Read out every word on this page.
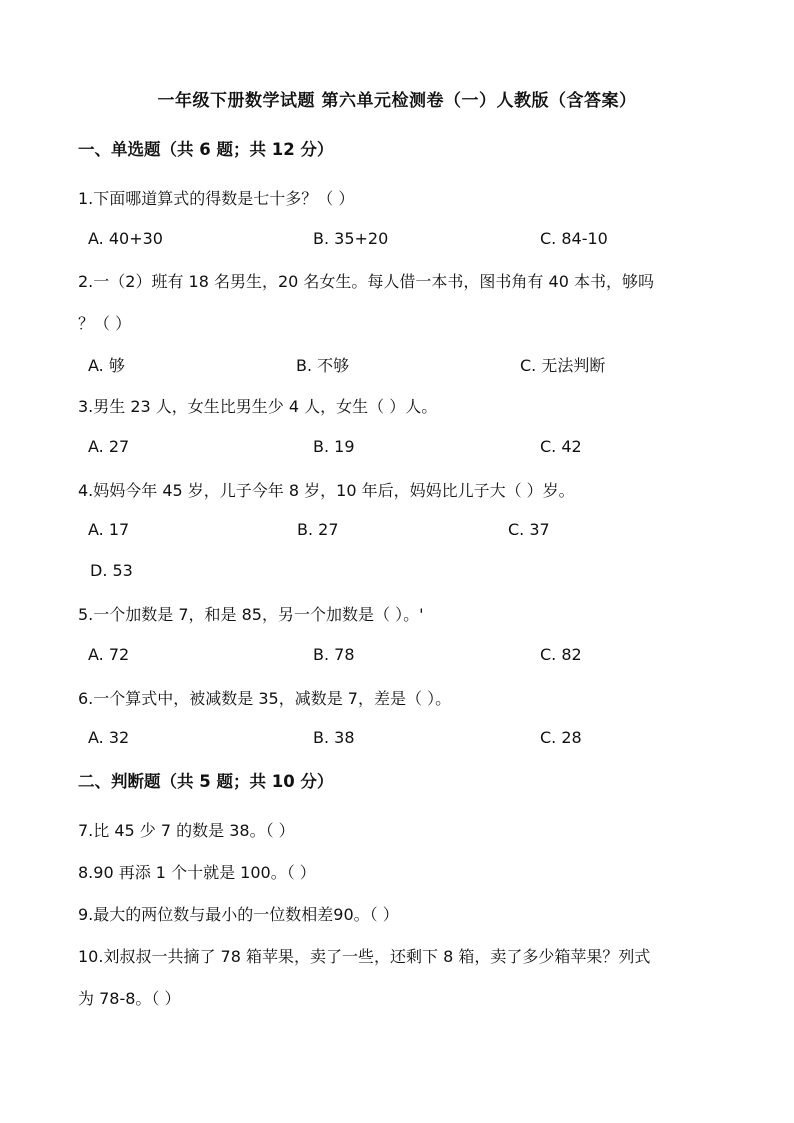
一年级下册数学试题 第六单元检测卷（一）人教版（含答案）
一、单选题（共 6 题；共 12 分）
1.下面哪道算式的得数是七十多？（ ）
A. 40+30	B. 35+20	C. 84-10
2.一（2）班有 18 名男生，20 名女生。每人借一本书，图书角有 40 本书，够吗
？（ ）
A. 够	B. 不够	C. 无法判断
3.男生 23 人，女生比男生少 4 人，女生（ ）人。
A. 27	B. 19	C. 42
4.妈妈今年 45 岁，儿子今年 8 岁，10 年后，妈妈比儿子大（ ）岁。
A. 17	B. 27	C. 37
D. 53
5.一个加数是 7，和是 85，另一个加数是（ ）。'
A. 72	B. 78	C. 82
6.一个算式中，被减数是 35，减数是 7，差是（ ）。
A. 32	B. 38	C. 28
二、判断题（共 5 题；共 10 分）
7.比 45 少 7 的数是 38。（ ）
8.90 再添 1 个十就是 100。（ ）
9.最大的两位数与最小的一位数相差90。（ ）
10.刘叔叔一共摘了 78 箱苹果，卖了一些，还剩下 8 箱，卖了多少箱苹果？列式
为 78-8。（ ）
